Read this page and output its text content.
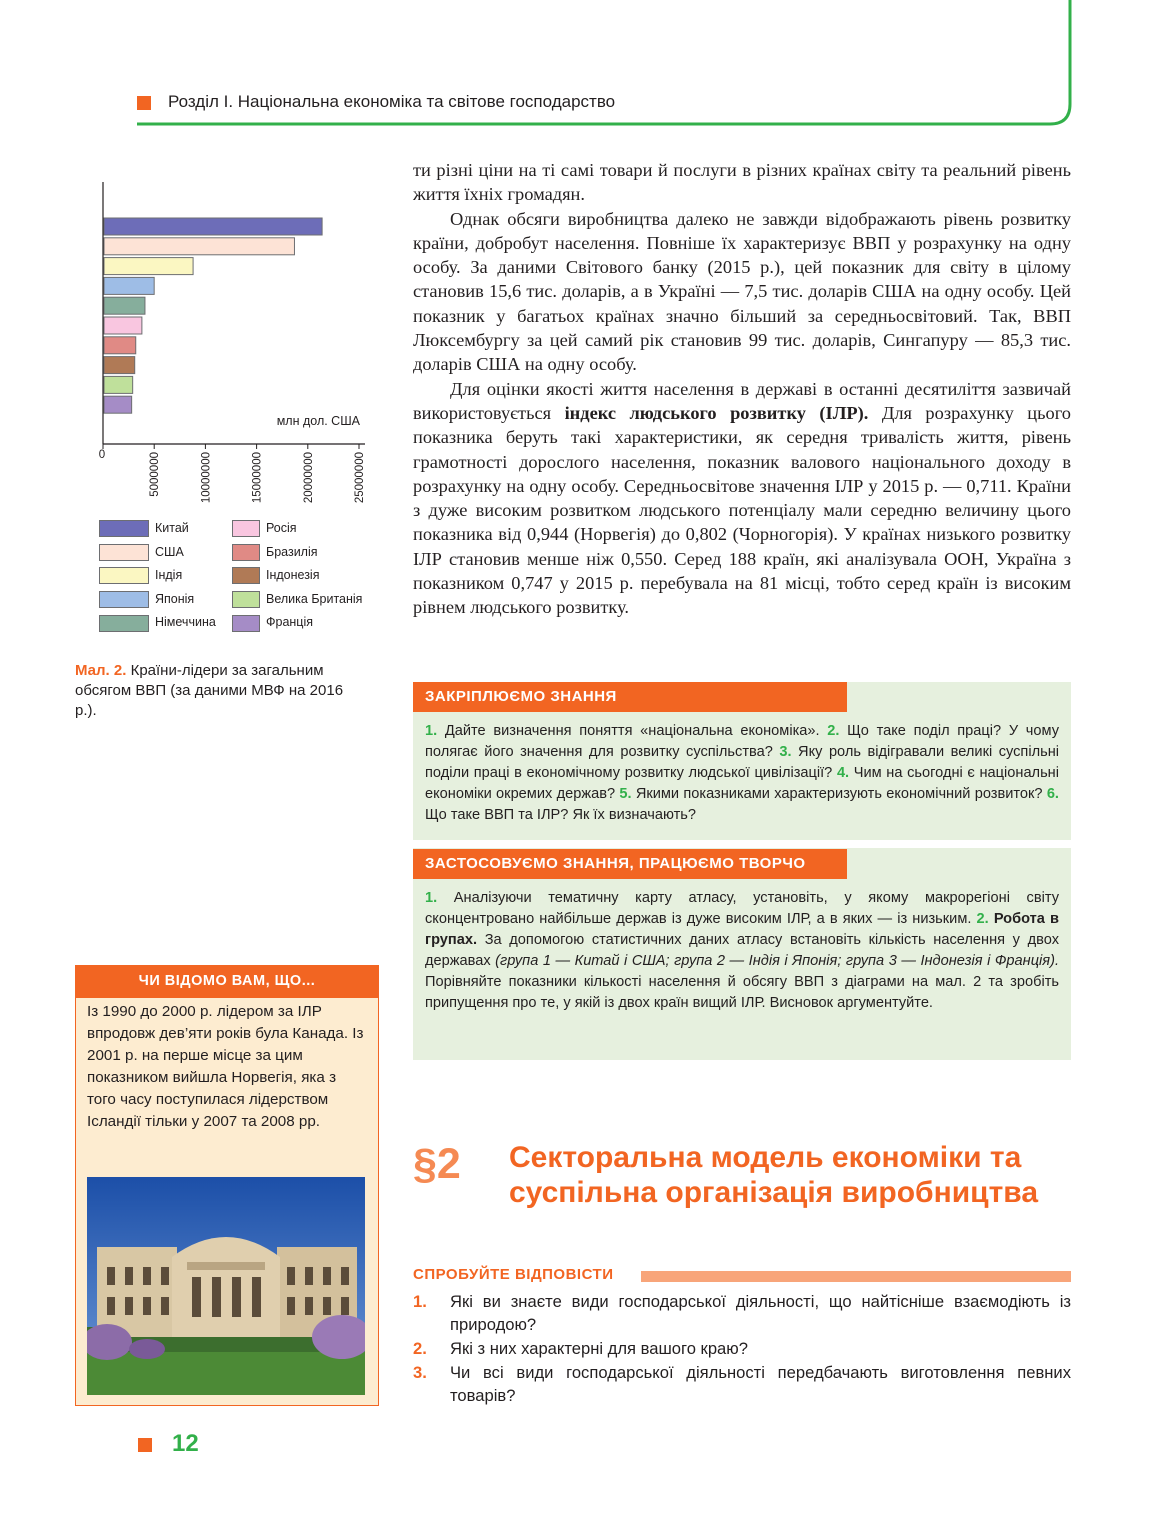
Розділ І. Національна економіка та світове господарство
0	5000000	10000000	15000000	20000000	25000000
млн дол. США
Китай
США
Індія
Японія
Німеччина
Росія
Бразилія
Індонезія
Велика Британія
Франція
Мал. 2. Країни-лідери за загальним обсягом ВВП (за даними МВФ на 2016 р.).

ти різні ціни на ті самі товари й послуги в різних країнах світу та реальний рівень життя їхніх громадян.

Однак обсяги виробництва далеко не завжди відображають рівень розвитку країни, добробут населення. Повніше їх характеризує ВВП у розрахунку на одну особу. За даними Світового банку (2015 р.), цей показник для світу в цілому становив 15,6 тис. доларів, а в Україні — 7,5 тис. доларів США на одну особу. Цей показник у багатьох країнах значно більший за середньосвітовий. Так, ВВП Люксембургу за цей самий рік становив 99 тис. доларів, Сингапуру — 85,3 тис. доларів США на одну особу.

Для оцінки якості життя населення в державі в останні десятиліття зазвичай використовується індекс людського розвитку (ІЛР). Для розрахунку цього показника беруть такі характеристики, як середня тривалість життя, рівень грамотності дорослого населення, показник валового національного доходу в розрахунку на одну особу. Середньосвітове значення ІЛР у 2015 р. — 0,711. Країни з дуже високим розвитком людського потенціалу мали середню величину цього показника від 0,944 (Норвегія) до 0,802 (Чорногорія). У країнах низького розвитку ІЛР становив менше ніж 0,550. Серед 188 країн, які аналізувала ООН, Україна з показником 0,747 у 2015 р. перебувала на 81 місці, тобто серед країн із високим рівнем людського розвитку.

ЗАКРІПЛЮЄМО ЗНАННЯ
1. Дайте визначення поняття «національна економіка». 2. Що таке поділ праці? У чому полягає його значення для розвитку суспільства? 3. Яку роль відігравали великі суспільні поділи праці в економічному розвитку людської цивілізації? 4. Чим на сьогодні є національні економіки окремих держав? 5. Якими показниками характеризують економічний розвиток? 6. Що таке ВВП та ІЛР? Як їх визначають?
ЗАСТОСОВУЄМО ЗНАННЯ, ПРАЦЮЄМО ТВОРЧО
1. Аналізуючи тематичну карту атласу, установіть, у якому макрорегіоні світу сконцентровано найбільше держав із дуже високим ІЛР, а в яких — із низьким. 2. Робота в групах. За допомогою статистичних даних атласу встановіть кількість населення у двох державах (група 1 — Китай і США; група 2 — Індія і Японія; група 3 — Індонезія і Франція). Порівняйте показники кількості населення й обсягу ВВП з діаграми на мал. 2 та зробіть припущення про те, у якій із двох країн вищий ІЛР. Висновок аргументуйте.
ЧИ ВІДОМО ВАМ, ЩО...
Із 1990 до 2000 р. лідером за ІЛР впродовж дев’яти років була Канада. Із 2001 р. на перше місце за цим показником вийшла Норвегія, яка з того часу поступилася лідерством Ісландії тільки у 2007 та 2008 рр.
§2 Секторальна модель економіки та суспільна організація виробництва
СПРОБУЙТЕ ВІДПОВІСТИ
1. Які ви знаєте види господарської діяльності, що найтісніше взаємодіють із природою?
2. Які з них характерні для вашого краю?
3. Чи всі види господарської діяльності передбачають виготовлення певних товарів?
12
